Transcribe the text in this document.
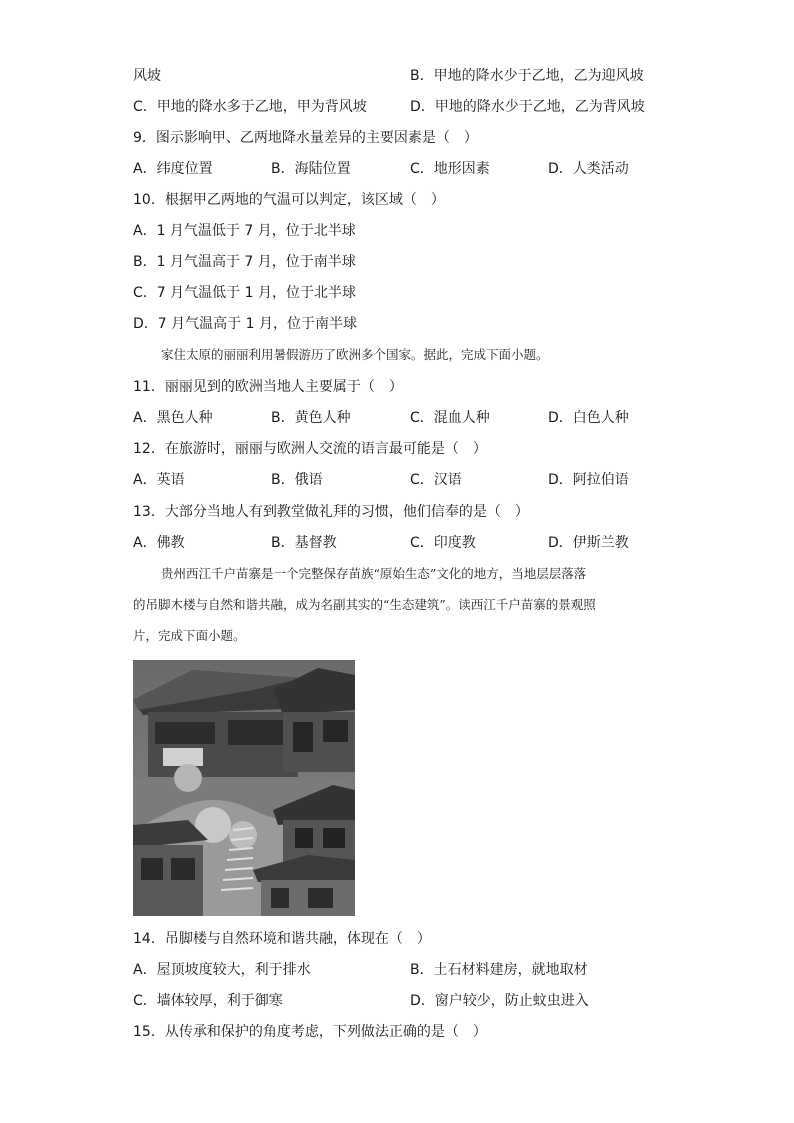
风坡	B．甲地的降水少于乙地，乙为迎风坡
C．甲地的降水多于乙地，甲为背风坡	D．甲地的降水少于乙地，乙为背风坡
9．图示影响甲、乙两地降水量差异的主要因素是（　）
A．纬度位置	B．海陆位置	C．地形因素	D．人类活动
10．根据甲乙两地的气温可以判定，该区域（　）
A．1 月气温低于 7 月，位于北半球
B．1 月气温高于 7 月，位于南半球
C．7 月气温低于 1 月，位于北半球
D．7 月气温高于 1 月，位于南半球
家住太原的丽丽利用暑假游历了欧洲多个国家。据此，完成下面小题。
11．丽丽见到的欧洲当地人主要属于（　）
A．黑色人种	B．黄色人种	C．混血人种	D．白色人种
12．在旅游时，丽丽与欧洲人交流的语言最可能是（　）
A．英语	B．俄语	C．汉语	D．阿拉伯语
13．大部分当地人有到教堂做礼拜的习惯，他们信奉的是（　）
A．佛教	B．基督教	C．印度教	D．伊斯兰教
贵州西江千户苗寨是一个完整保存苗族“原始生态”文化的地方，当地层层落落
的吊脚木楼与自然和谐共融，成为名副其实的“生态建筑”。读西江千户苗寨的景观照
片，完成下面小题。
14．吊脚楼与自然环境和谐共融，体现在（　）
A．屋顶坡度较大，利于排水	B．土石材料建房，就地取材
C．墙体较厚，利于御寒	D．窗户较少，防止蚊虫进入
15．从传承和保护的角度考虑，下列做法正确的是（　）
